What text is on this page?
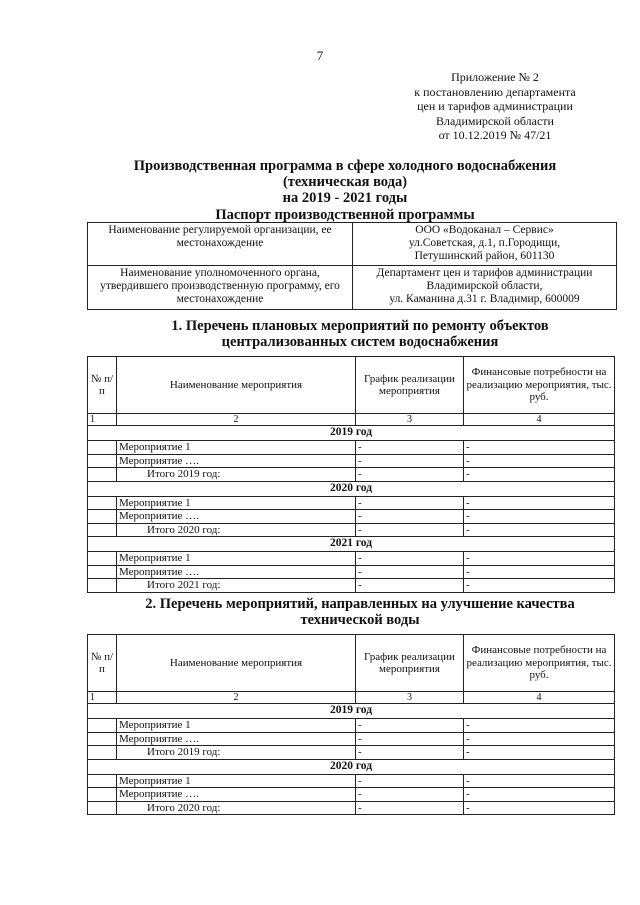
7
Приложение № 2
к постановлению департамента
цен и тарифов администрации
Владимирской области
от 10.12.2019 № 47/21
Производственная программа в сфере холодного водоснабжения
(техническая вода)
на 2019 - 2021 годы
Паспорт производственной программы
Наименование регулируемой организации, ее местонахождение	ООО «Водоканал – Сервис»
ул.Советская, д.1, п.Городищи,
Петушинский район, 601130

Наименование уполномоченного органа, утвердившего производственную программу, его местонахождение	Департамент цен и тарифов администрации
Владимирской области,
ул. Каманина д.31 г. Владимир, 600009
1. Перечень плановых мероприятий по ремонту объектов
централизованных систем водоснабжения
№ п/п	Наименование мероприятия	График реализации мероприятия	Финансовые потребности на реализацию мероприятия, тыс. руб.
1	2	3	4
2019 год			
	Мероприятие 1	-	-
	Мероприятие ….	-	-
	Итого 2019 год:	-	-
2020 год			
	Мероприятие 1	-	-
	Мероприятие ….	-	-
	Итого 2020 год:	-	-
2021 год			
	Мероприятие 1	-	-
	Мероприятие ….	-	-
	Итого 2021 год:	-	-
2. Перечень мероприятий, направленных на улучшение качества
технической воды
№ п/п	Наименование мероприятия	График реализации мероприятия	Финансовые потребности на реализацию мероприятия, тыс. руб.
1	2	3	4
2019 год			
	Мероприятие 1	-	-
	Мероприятие ….	-	-
	Итого 2019 год:	-	-
2020 год			
	Мероприятие 1	-	-
	Мероприятие ….	-	-
	Итого 2020 год:	-	-
